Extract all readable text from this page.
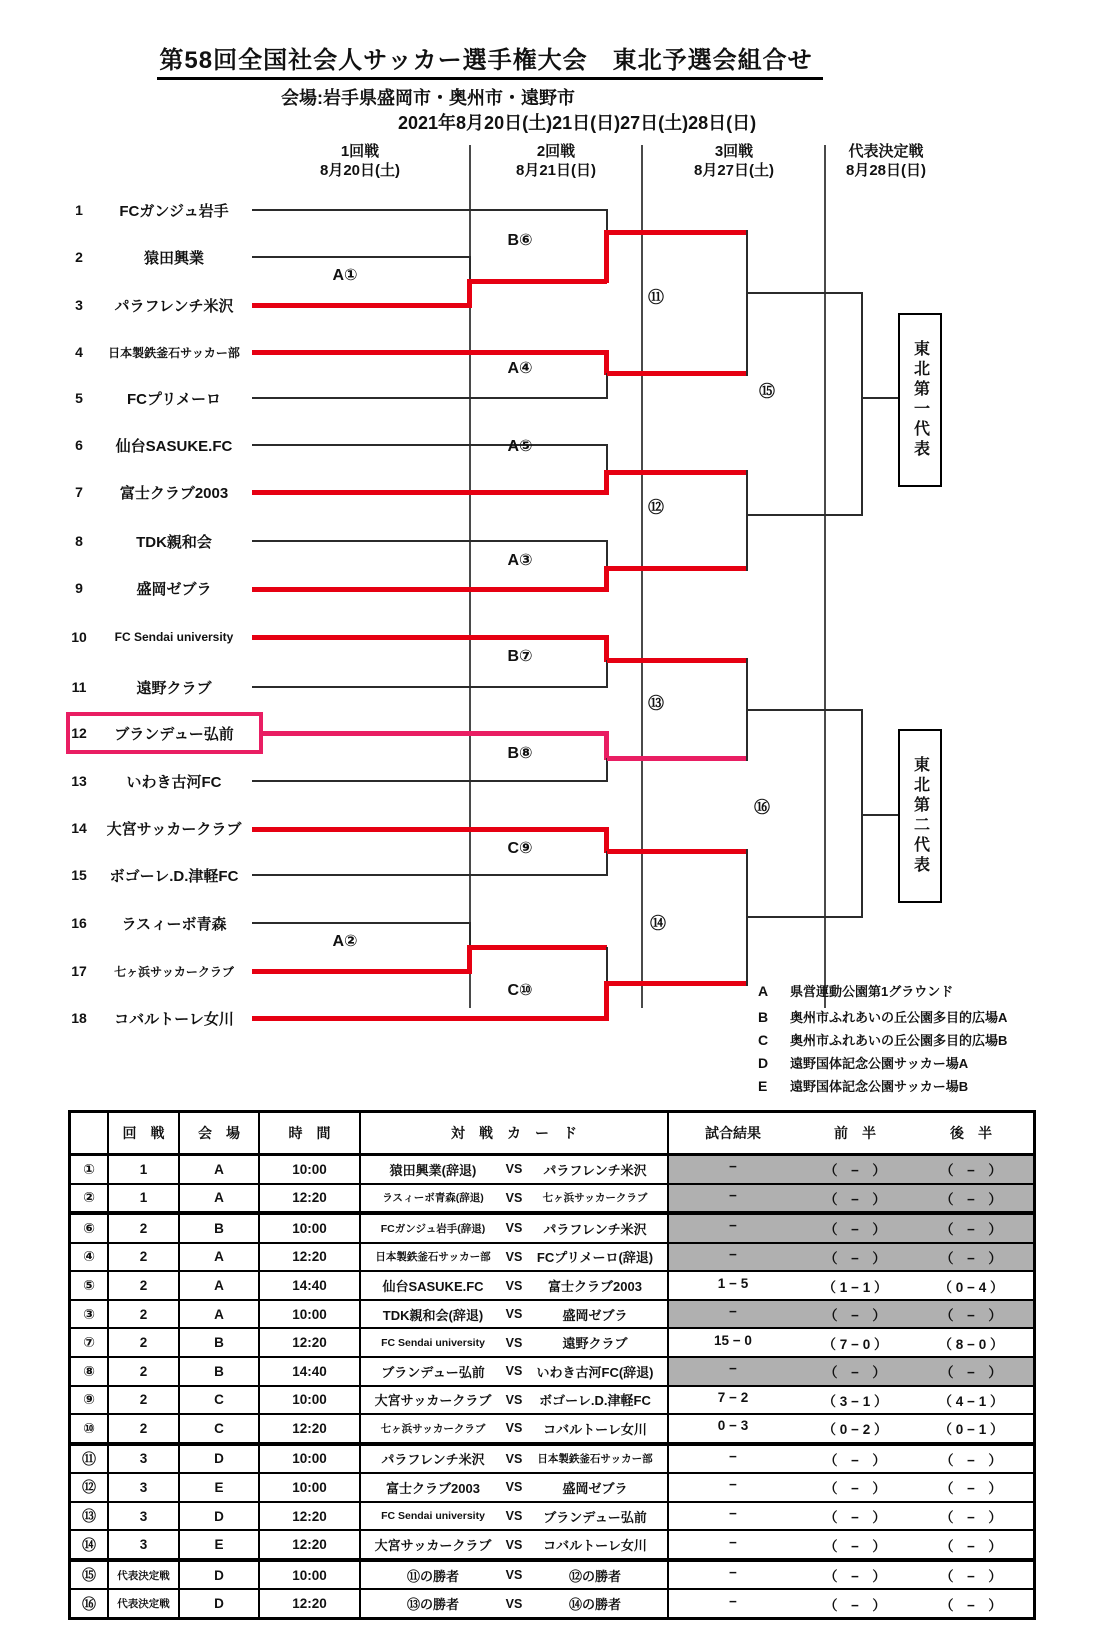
第58回全国社会人サッカー選手権大会　東北予選会組合せ
会場:岩手県盛岡市・奥州市・遠野市
2021年8月20日(土)21日(日)27日(土)28日(日)
1回戦
8月20日(土)
2回戦
8月21日(日)
3回戦
8月27日(土)
代表決定戦
8月28日(日)
1	FCガンジュ岩手
2	猿田興業
3	パラフレンチ米沢
4	日本製鉄釜石サッカー部
5	FCプリメーロ
6	仙台SASUKE.FC
7	富士クラブ2003
8	TDK親和会
9	盛岡ゼブラ
10	FC Sendai university
11	遠野クラブ
12	ブランデュー弘前
13	いわき古河FC
14	大宮サッカークラブ
15	ボゴーレ.D.津軽FC
16	ラスィーボ青森
17	七ヶ浜サッカークラブ
18	コバルトーレ女川
A①
A②
B⑥
A④
A⑤
A③
B⑦
B⑧
C⑨
C⑩
⑪
⑫
⑬
⑭
⑮
⑯
東北第一代表
東北第二代表
A	県営運動公園第1グラウンド
B	奥州市ふれあいの丘公園多目的広場A
C	奥州市ふれあいの丘公園多目的広場B
D	遠野国体記念公園サッカー場A
E	遠野国体記念公園サッカー場B
回　戦	会　場	時　間	対　戦　カ　ー　ド	試合結果	前　半	後　半
①	1	A	10:00	猿田興業(辞退)	VS	パラフレンチ米沢	−	（　−　）	（　−　）
②	1	A	12:20	ラスィーボ青森(辞退)	VS	七ヶ浜サッカークラブ	−	（　−　）	（　−　）
⑥	2	B	10:00	FCガンジュ岩手(辞退)	VS	パラフレンチ米沢	−	（　−　）	（　−　）
④	2	A	12:20	日本製鉄釜石サッカー部	VS	FCプリメーロ(辞退)	−	（　−　）	（　−　）
⑤	2	A	14:40	仙台SASUKE.FC	VS	富士クラブ2003	1 − 5	（ 1 − 1 ）	（ 0 − 4 ）
③	2	A	10:00	TDK親和会(辞退)	VS	盛岡ゼブラ	−	（　−　）	（　−　）
⑦	2	B	12:20	FC Sendai university	VS	遠野クラブ	15 − 0	（ 7 − 0 ）	（ 8 − 0 ）
⑧	2	B	14:40	ブランデュー弘前	VS	いわき古河FC(辞退)	−	（　−　）	（　−　）
⑨	2	C	10:00	大宮サッカークラブ	VS	ボゴーレ.D.津軽FC	7 − 2	（ 3 − 1 ）	（ 4 − 1 ）
⑩	2	C	12:20	七ヶ浜サッカークラブ	VS	コバルトーレ女川	0 − 3	（ 0 − 2 ）	（ 0 − 1 ）
⑪	3	D	10:00	パラフレンチ米沢	VS	日本製鉄釜石サッカー部	−	（　−　）	（　−　）
⑫	3	E	10:00	富士クラブ2003	VS	盛岡ゼブラ	−	（　−　）	（　−　）
⑬	3	D	12:20	FC Sendai university	VS	ブランデュー弘前	−	（　−　）	（　−　）
⑭	3	E	12:20	大宮サッカークラブ	VS	コバルトーレ女川	−	（　−　）	（　−　）
⑮	代表決定戦	D	10:00	⑪の勝者	VS	⑫の勝者	−	（　−　）	（　−　）
⑯	代表決定戦	D	12:20	⑬の勝者	VS	⑭の勝者	−	（　−　）	（　−　）
